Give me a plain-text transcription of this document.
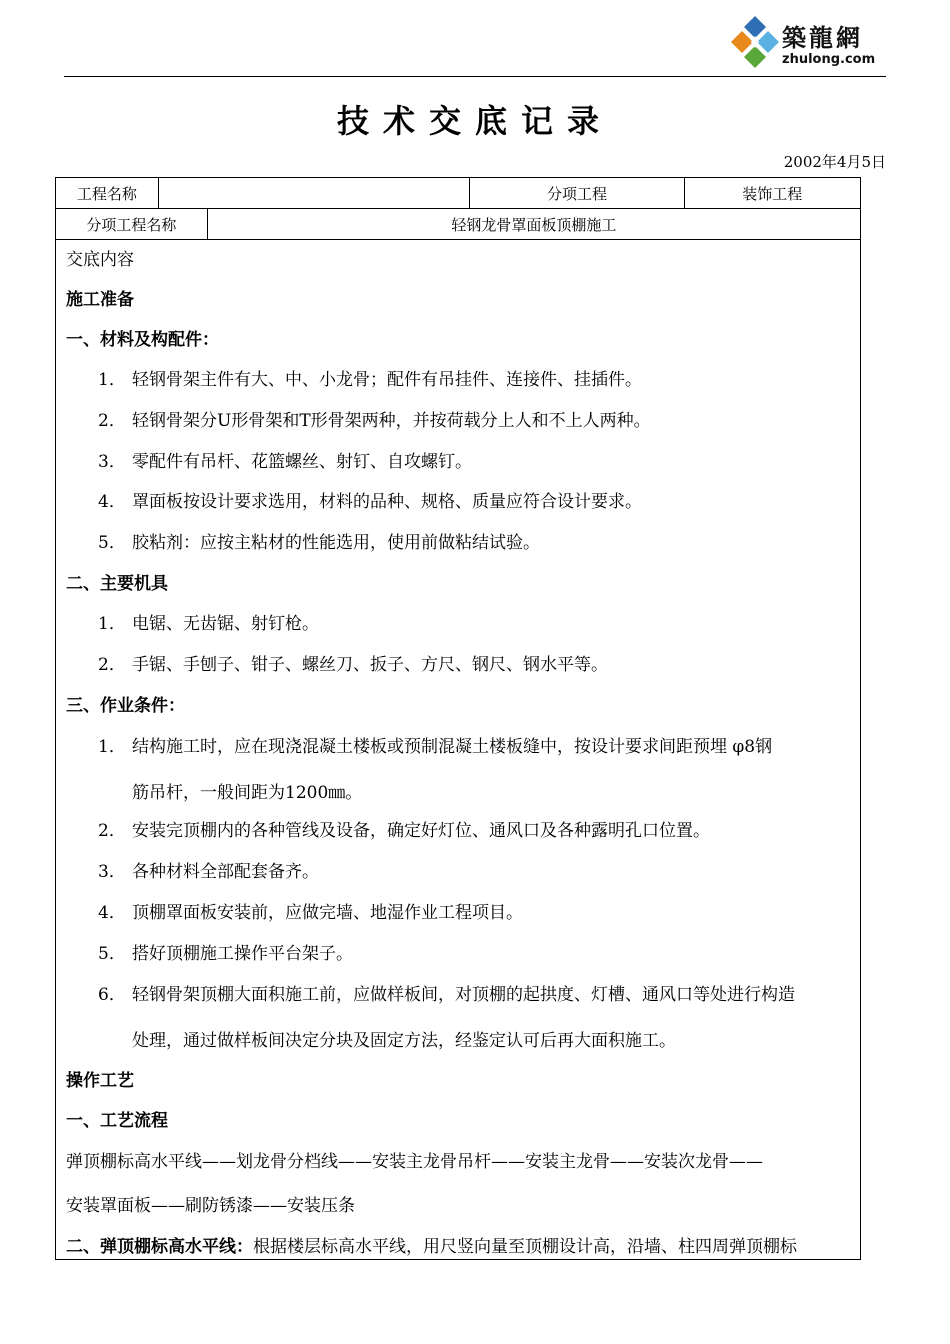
築龍網
zhulong.com
技术交底记录
2002年4月5日
工程名称		分项工程	装饰工程
分项工程名称	轻钢龙骨罩面板顶棚施工
交底内容
施工准备
一、材料及构配件：
1． 轻钢骨架主件有大、中、小龙骨；配件有吊挂件、连接件、挂插件。
2． 轻钢骨架分U形骨架和T形骨架两种，并按荷载分上人和不上人两种。
3． 零配件有吊杆、花篮螺丝、射钉、自攻螺钉。
4． 罩面板按设计要求选用，材料的品种、规格、质量应符合设计要求。
5． 胶粘剂：应按主粘材的性能选用，使用前做粘结试验。
二、主要机具
1． 电锯、无齿锯、射钉枪。
2． 手锯、手刨子、钳子、螺丝刀、扳子、方尺、钢尺、钢水平等。
三、作业条件：
1． 结构施工时，应在现浇混凝土楼板或预制混凝土楼板缝中，按设计要求间距预埋 φ8钢
筋吊杆，一般间距为1200㎜。
2． 安装完顶棚内的各种管线及设备，确定好灯位、通风口及各种露明孔口位置。
3． 各种材料全部配套备齐。
4． 顶棚罩面板安装前，应做完墙、地湿作业工程项目。
5． 搭好顶棚施工操作平台架子。
6． 轻钢骨架顶棚大面积施工前，应做样板间，对顶棚的起拱度、灯槽、通风口等处进行构造
处理，通过做样板间决定分块及固定方法，经鉴定认可后再大面积施工。
操作工艺
一、工艺流程
弹顶棚标高水平线——划龙骨分档线——安装主龙骨吊杆——安装主龙骨——安装次龙骨——
安装罩面板——刷防锈漆——安装压条
二、弹顶棚标高水平线：根据楼层标高水平线，用尺竖向量至顶棚设计高，沿墙、柱四周弹顶棚标
